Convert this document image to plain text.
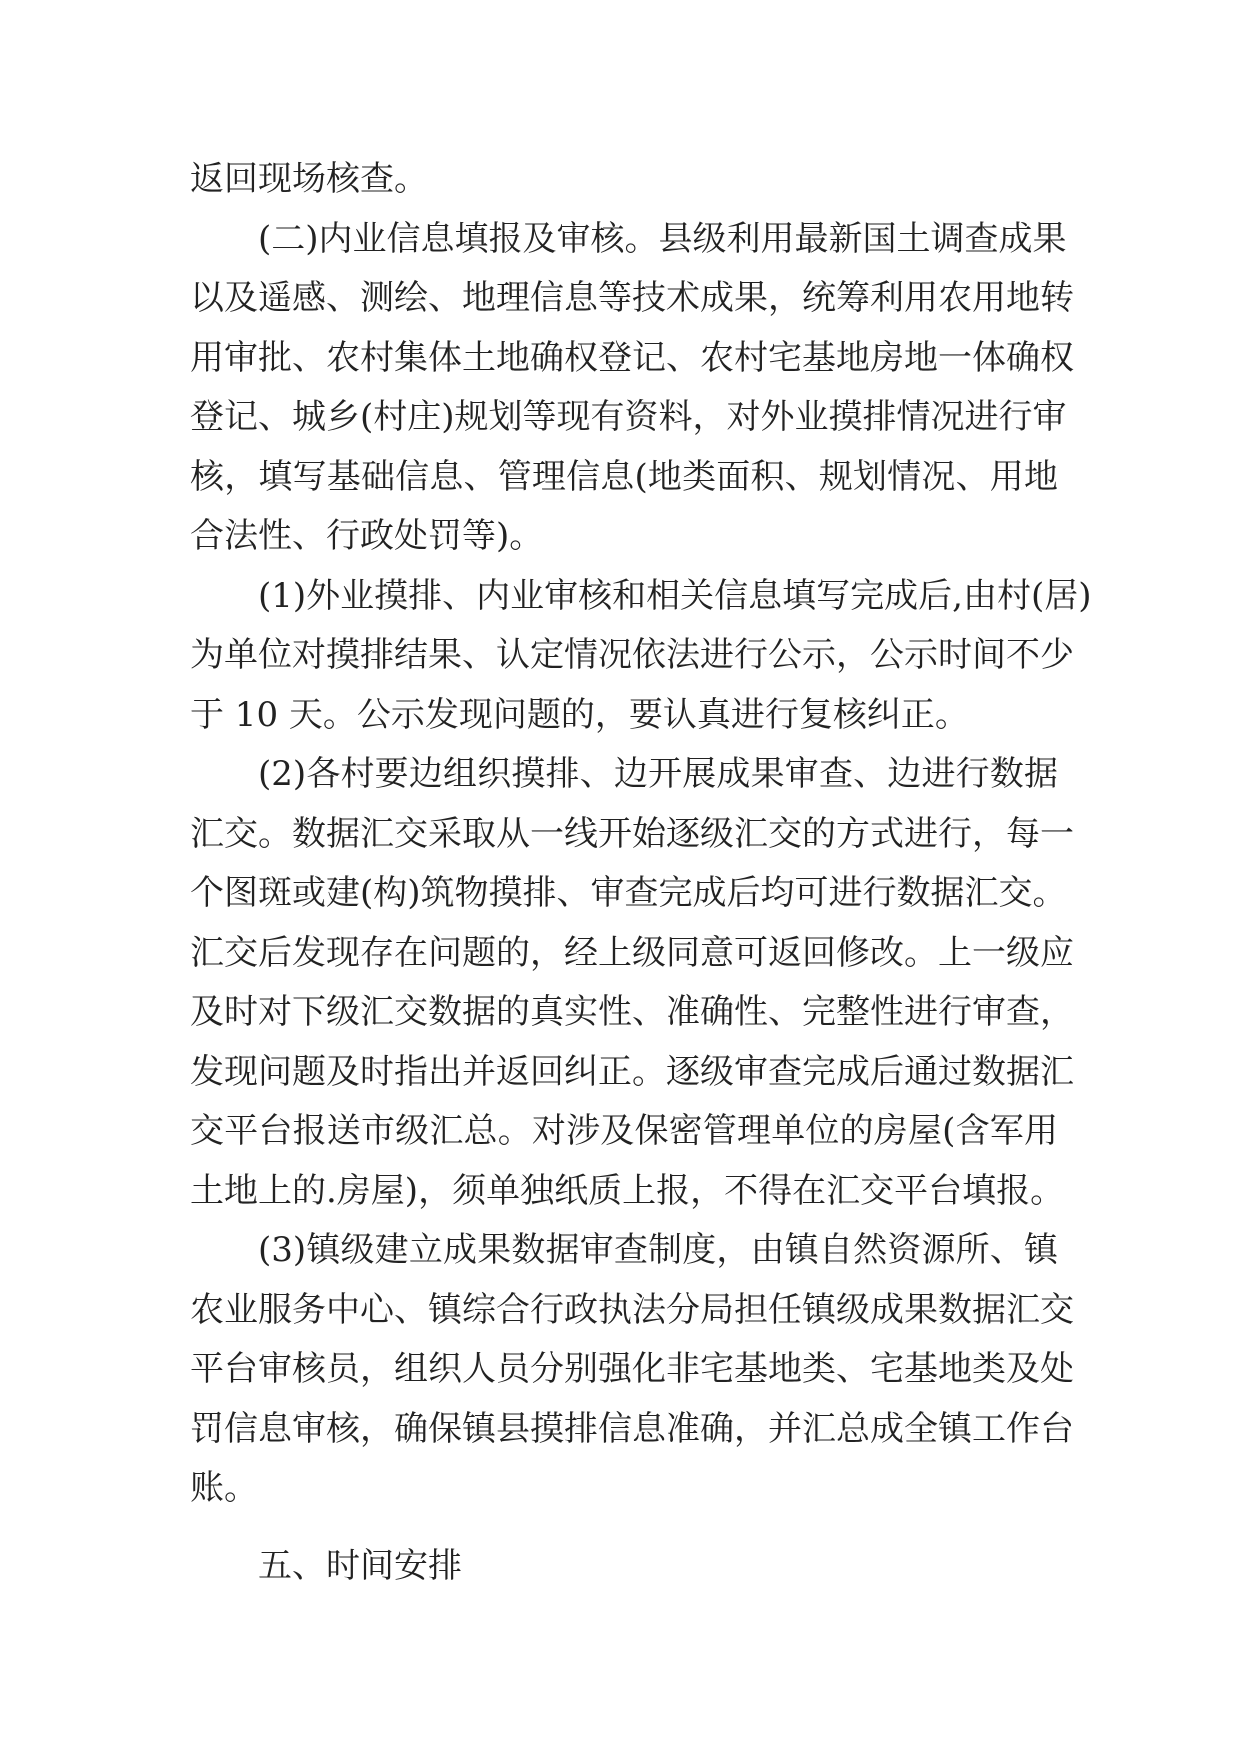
返回现场核查。
(二)内业信息填报及审核。县级利用最新国土调查成果
以及遥感、测绘、地理信息等技术成果，统筹利用农用地转
用审批、农村集体土地确权登记、农村宅基地房地一体确权
登记、城乡(村庄)规划等现有资料，对外业摸排情况进行审
核，填写基础信息、管理信息(地类面积、规划情况、用地
合法性、行政处罚等)。
(1)外业摸排、内业审核和相关信息填写完成后,由村(居)
为单位对摸排结果、认定情况依法进行公示，公示时间不少
于 10 天。公示发现问题的，要认真进行复核纠正。
(2)各村要边组织摸排、边开展成果审查、边进行数据
汇交。数据汇交采取从一线开始逐级汇交的方式进行，每一
个图斑或建(构)筑物摸排、审查完成后均可进行数据汇交。
汇交后发现存在问题的，经上级同意可返回修改。上一级应
及时对下级汇交数据的真实性、准确性、完整性进行审查，
发现问题及时指出并返回纠正。逐级审查完成后通过数据汇
交平台报送市级汇总。对涉及保密管理单位的房屋(含军用
土地上的.房屋)，须单独纸质上报，不得在汇交平台填报。
(3)镇级建立成果数据审查制度，由镇自然资源所、镇
农业服务中心、镇综合行政执法分局担任镇级成果数据汇交
平台审核员，组织人员分别强化非宅基地类、宅基地类及处
罚信息审核，确保镇县摸排信息准确，并汇总成全镇工作台
账。
五、时间安排
